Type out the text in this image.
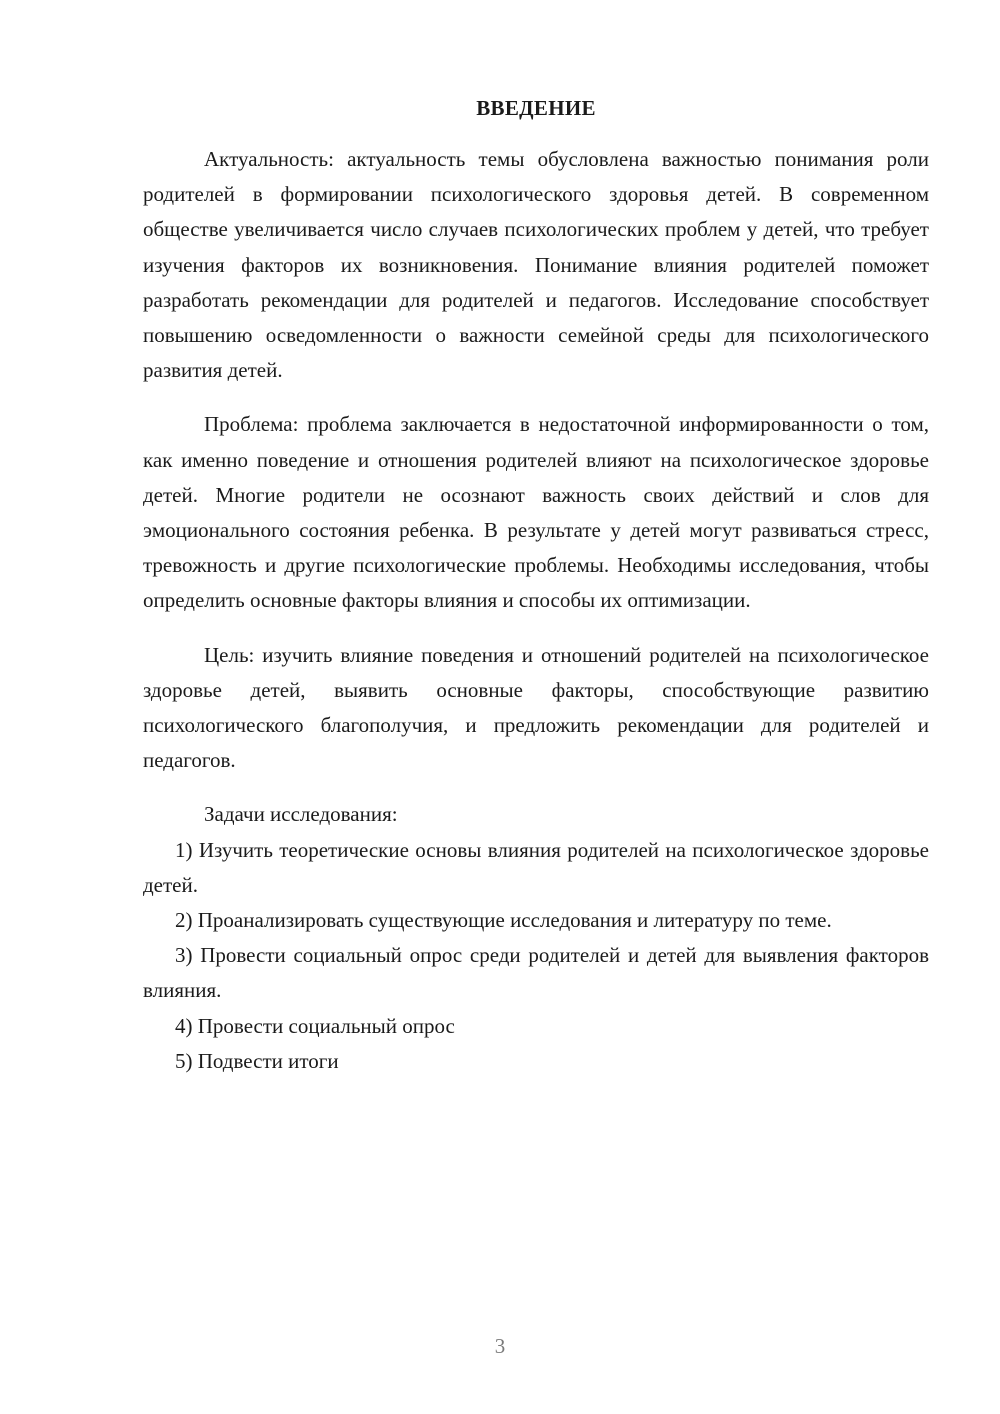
ВВЕДЕНИЕ

Актуальность: актуальность темы обусловлена важностью понимания роли родителей в формировании психологического здоровья детей. В современном обществе увеличивается число случаев психологических проблем у детей, что требует изучения факторов их возникновения. Понимание влияния родителей поможет разработать рекомендации для родителей и педагогов. Исследование способствует повышению осведомленности о важности семейной среды для психологического развития детей.

Проблема: проблема заключается в недостаточной информированности о том, как именно поведение и отношения родителей влияют на психологическое здоровье детей. Многие родители не осознают важность своих действий и слов для эмоционального состояния ребенка. В результате у детей могут развиваться стресс, тревожность и другие психологические проблемы. Необходимы исследования, чтобы определить основные факторы влияния и способы их оптимизации.

Цель: изучить влияние поведения и отношений родителей на психологическое здоровье детей, выявить основные факторы, способствующие развитию психологического благополучия, и предложить рекомендации для родителей и педагогов.

Задачи исследования:

1) Изучить теоретические основы влияния родителей на психологическое здоровье детей.

2) Проанализировать существующие исследования и литературу по теме.

3) Провести социальный опрос среди родителей и детей для выявления факторов влияния.

4) Провести социальный опрос

5) Подвести итоги

3
